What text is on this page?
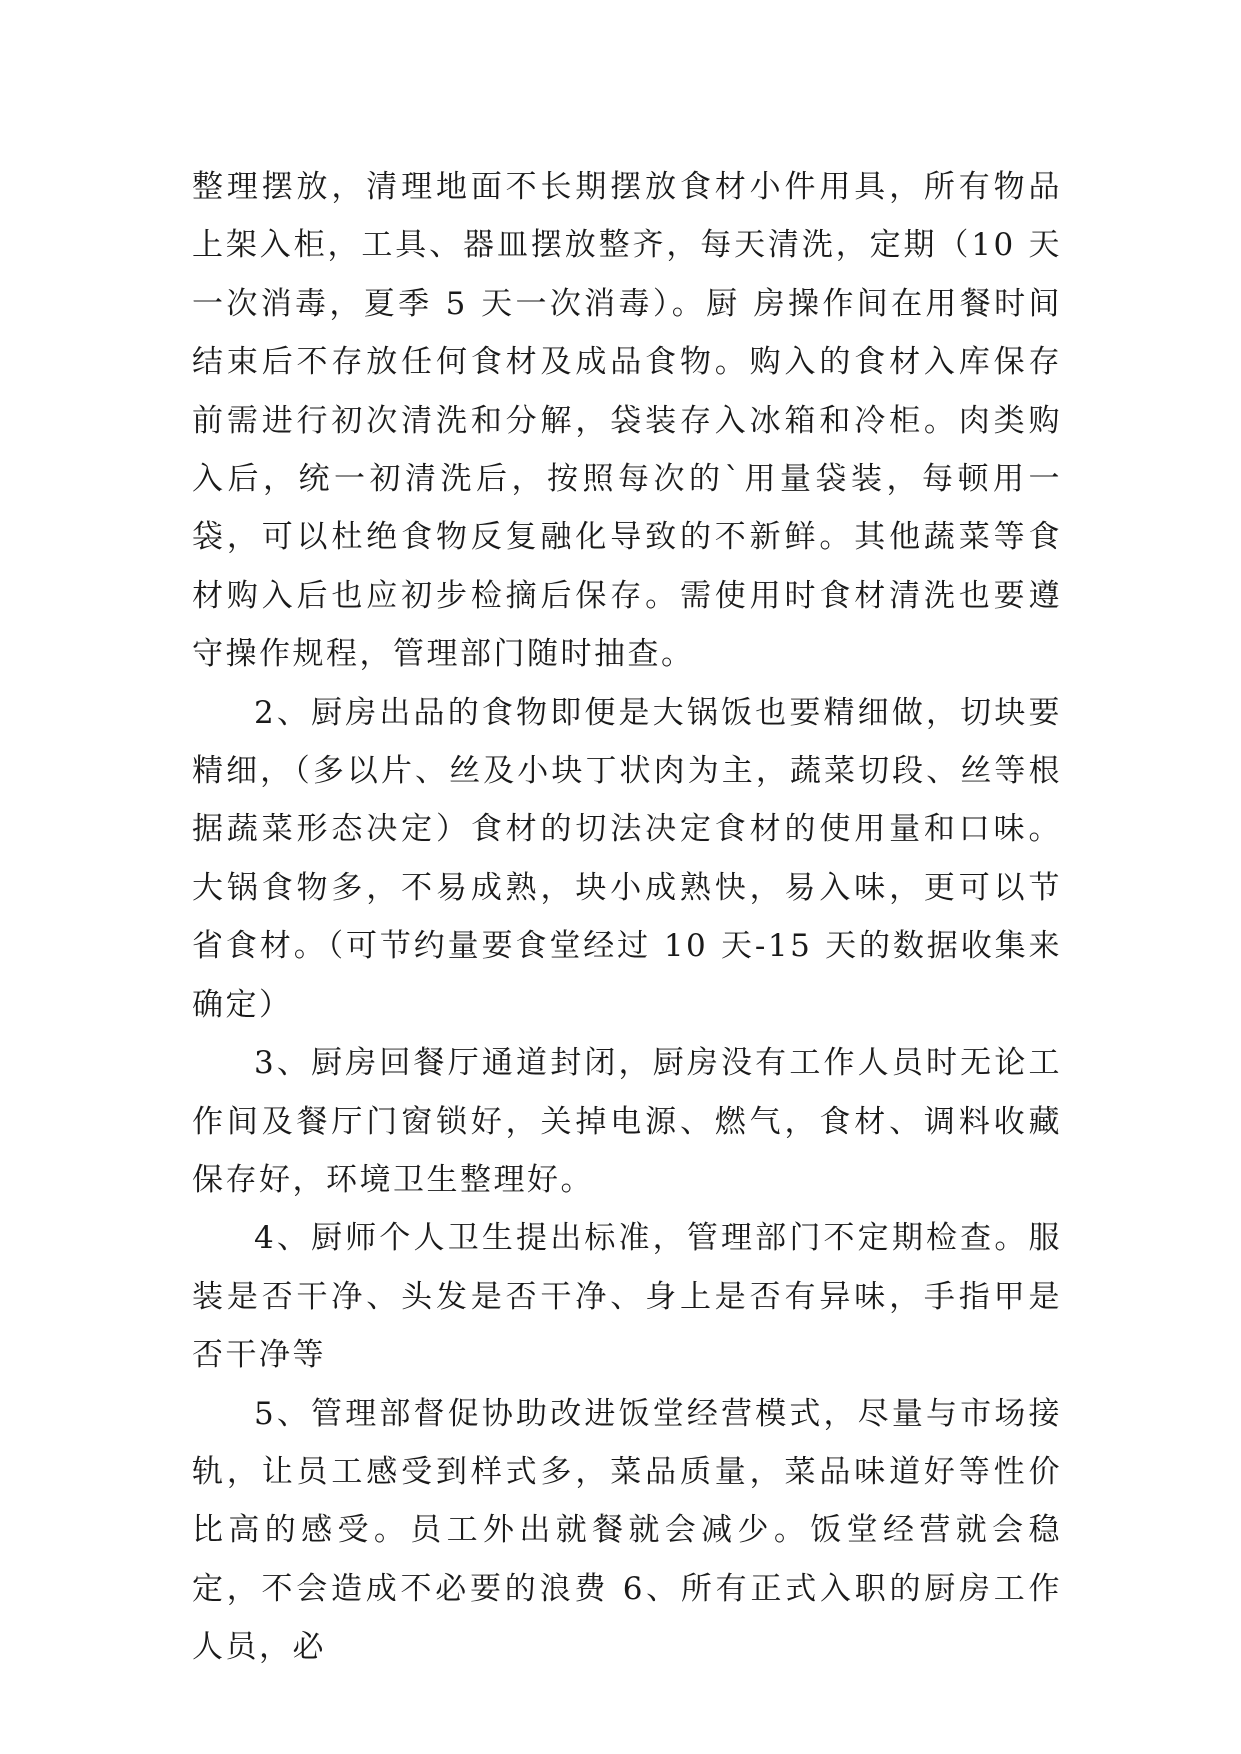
整理摆放，清理地面不长期摆放食材小件用具，所有物品上架入柜，工具、器皿摆放整齐，每天清洗，定期（10 天一次消毒，夏季 5 天一次消毒）。厨 房操作间在用餐时间结束后不存放任何食材及成品食物。购入的食材入库保存前需进行初次清洗和分解，袋装存入冰箱和冷柜。肉类购入后，统一初清洗后，按照每次的`用量袋装，每顿用一袋，可以杜绝食物反复融化导致的不新鲜。其他蔬菜等食材购入后也应初步检摘后保存。需使用时食材清洗也要遵守操作规程，管理部门随时抽查。

2、厨房出品的食物即便是大锅饭也要精细做，切块要精细，（多以片、丝及小块丁状肉为主，蔬菜切段、丝等根据蔬菜形态决定）食材的切法决定食材的使用量和口味。大锅食物多，不易成熟，块小成熟快，易入味，更可以节省食材。（可节约量要食堂经过 10 天-15 天的数据收集来确定）

3、厨房回餐厅通道封闭，厨房没有工作人员时无论工作间及餐厅门窗锁好，关掉电源、燃气，食材、调料收藏保存好，环境卫生整理好。

4、厨师个人卫生提出标准，管理部门不定期检查。服装是否干净、头发是否干净、身上是否有异味，手指甲是否干净等

5、管理部督促协助改进饭堂经营模式，尽量与市场接轨，让员工感受到样式多，菜品质量，菜品味道好等性价比高的感受。员工外出就餐就会减少。饭堂经营就会稳定，不会造成不必要的浪费 6、所有正式入职的厨房工作人员，必
